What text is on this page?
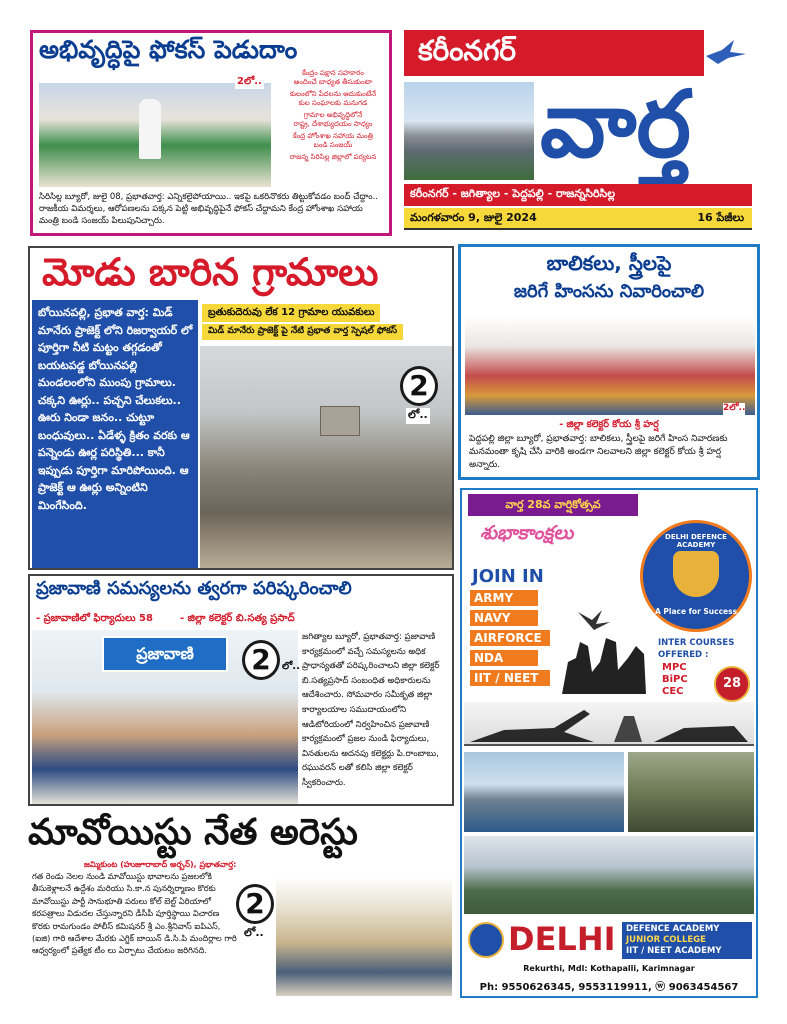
అభివృద్ధిపై ఫోకస్ పెడుదాం
2లో..
కేంద్రం పక్షాన సహకారం
అందించే బాధ్యత తీసుకుంటా
కులంలోని పేదలను ఆదుకుంటేనే
కుల సంఘాలకు మనుగడ
గ్రామాల అభివృద్ధిలోనే
రాష్ట్ర, దేశాభ్యుదయం సాధ్యం
కేంద్ర హోంశాఖ సహాయ మంత్రి
బండి సంజయ్
రాజన్న సిరిసిల్ల జిల్లాలో పర్యటన
సిరిసిల్ల బ్యూరో, జులై 08, ప్రభాతవార్త: ఎన్నికలైపోయాయి.. ఇకపై ఒకరినొకరు తిట్టుకోవడం బంద్ చేద్దాం.. రాజకీయ విమర్శలు, ఆరోపణలను పక్కన పెట్టి అభివృద్ధిపైనే ఫోకస్ చేద్దామని కేంద్ర హోంశాఖ సహాయ మంత్రి బండి సంజయ్ పిలుపునిచ్చారు.
కరీంనగర్
వార్త
కరీంనగర్ - జగిత్యాల - పెద్దపల్లి - రాజన్నసిరిసిల్ల
మంగళవారం 9, జులై 2024	16 పేజీలు
మోడు బారిన గ్రామాలు
బోయినపల్లి, ప్రభాత వార్త: మిడ్ మానేరు ప్రాజెక్ట్ లోని రిజర్వాయర్ లో పూర్తిగా నీటి మట్టం తగ్గడంతో బయటపడ్డ బోయినపల్లి మండలంలోని ముంపు గ్రామాలు. చక్కని ఊర్లు.. పచ్చని చేలుకలు.. ఊరు నిండా జనం.. చుట్టూ బంధువులు.. ఏడేళ్ళ క్రితం వరకు ఆ పన్నెండు ఊర్ల పరిస్థితి... కానీ ఇప్పుడు పూర్తిగా మారిపోయింది. ఆ ప్రాజెక్ట్ ఆ ఊర్లు అన్నింటిని మింగేసింది.
బ్రతుకుదెరువు లేక 12 గ్రామాల యువకులు
మిడ్ మానేరు ప్రాజెక్ట్ పై నేటి ప్రభాత వార్త స్పెషల్ ఫోకస్
2
లో..
బాలికలు, స్త్రీలపై
జరిగే హింసను నివారించాలి
2లో..
- జిల్లా కలెక్టర్ కోయ శ్రీ హర్ష
పెద్దపల్లి జిల్లా బ్యూరో, ప్రభాతవార్త: బాలికలు, స్త్రీలపై జరిగే హింస నివారణకు మనమంతా కృషి చేసి వారికి అండగా నిలవాలని జిల్లా కలెక్టర్ కోయ శ్రీ హర్ష అన్నారు.
ప్రజావాణి సమస్యలను త్వరగా పరిష్కరించాలి
- ప్రజావాణిలో ఫిర్యాదులు 58	- జిల్లా కలెక్టర్ బి.సత్య ప్రసాద్
ప్రజావాణి	2	లో..
జగిత్యాల బ్యూరో, ప్రభాతవార్త: ప్రజావాణి కార్యక్రమంలో వచ్చే సమస్యలను అధిక ప్రాధాన్యతతో పరిష్కరించాలని జిల్లా కలెక్టర్ బి.సత్యప్రసాద్ సంబంధిత అధికారులను ఆదేశించారు. సోమవారం సమీకృత జిల్లా కార్యాలయాల సముదాయంలోని ఆడిటోరియంలో నిర్వహించిన ప్రజావాణి కార్యక్రమంలో ప్రజల నుండి ఫిర్యాదులు, వినతులను అదనపు కలెక్టర్లు పి.రాంబాబు, రఘువరన్ లతో కలిసి జిల్లా కలెక్టర్ స్వీకరించారు.
మావోయిస్టు నేత అరెస్టు
జమ్మికుంట (హుజూరాబాద్ అర్బన్), ప్రభాతవార్త:
గత రెండు నెలల నుండి మావోయిస్టు భావాలను ప్రజలలోకి తీసుకెళ్లాలనే ఉద్దేశం మరియు సి.కా.న పునర్నిర్మాణం కొరకు మావోయిస్టు పార్టీ సానుభూతి పరులు కోల్ బెల్ట్ ఏరియాలో కరపత్రాలు విడుదల చేస్తున్నారని డీసీపీ పూర్తిస్థాయి విచారణ కొరకు రామగుండం పోలీస్ కమిషనర్ శ్రీ ఎం.శ్రీనివాస్ ఐపిఎస్, (ఐజి) గారి ఆదేశాల మేరకు ఎగ్జిక్ బాయిన్ డి.సి.పి మందిర్లాల గారి ఆధ్వర్యంలో ప్రత్యేక టీం లు ఏర్పాటు చేయటం జరిగినది.
2
లో..
వార్త 28వ వార్షికోత్సవ
శుభాకాంక్షలు
JOIN IN
ARMY
NAVY
AIRFORCE
NDA
IIT / NEET
DELHI DEFENCE ACADEMY
A Place for Success
INTER COURSES
OFFERED :
MPC
BiPC
CEC
28
DELHI DEFENCE ACADEMY
JUNIOR COLLEGE
IIT / NEET ACADEMY
Rekurthi, Mdl: Kothapalli, Karimnagar
Ph: 9550626345, 9553119911, ⓦ 9063454567
